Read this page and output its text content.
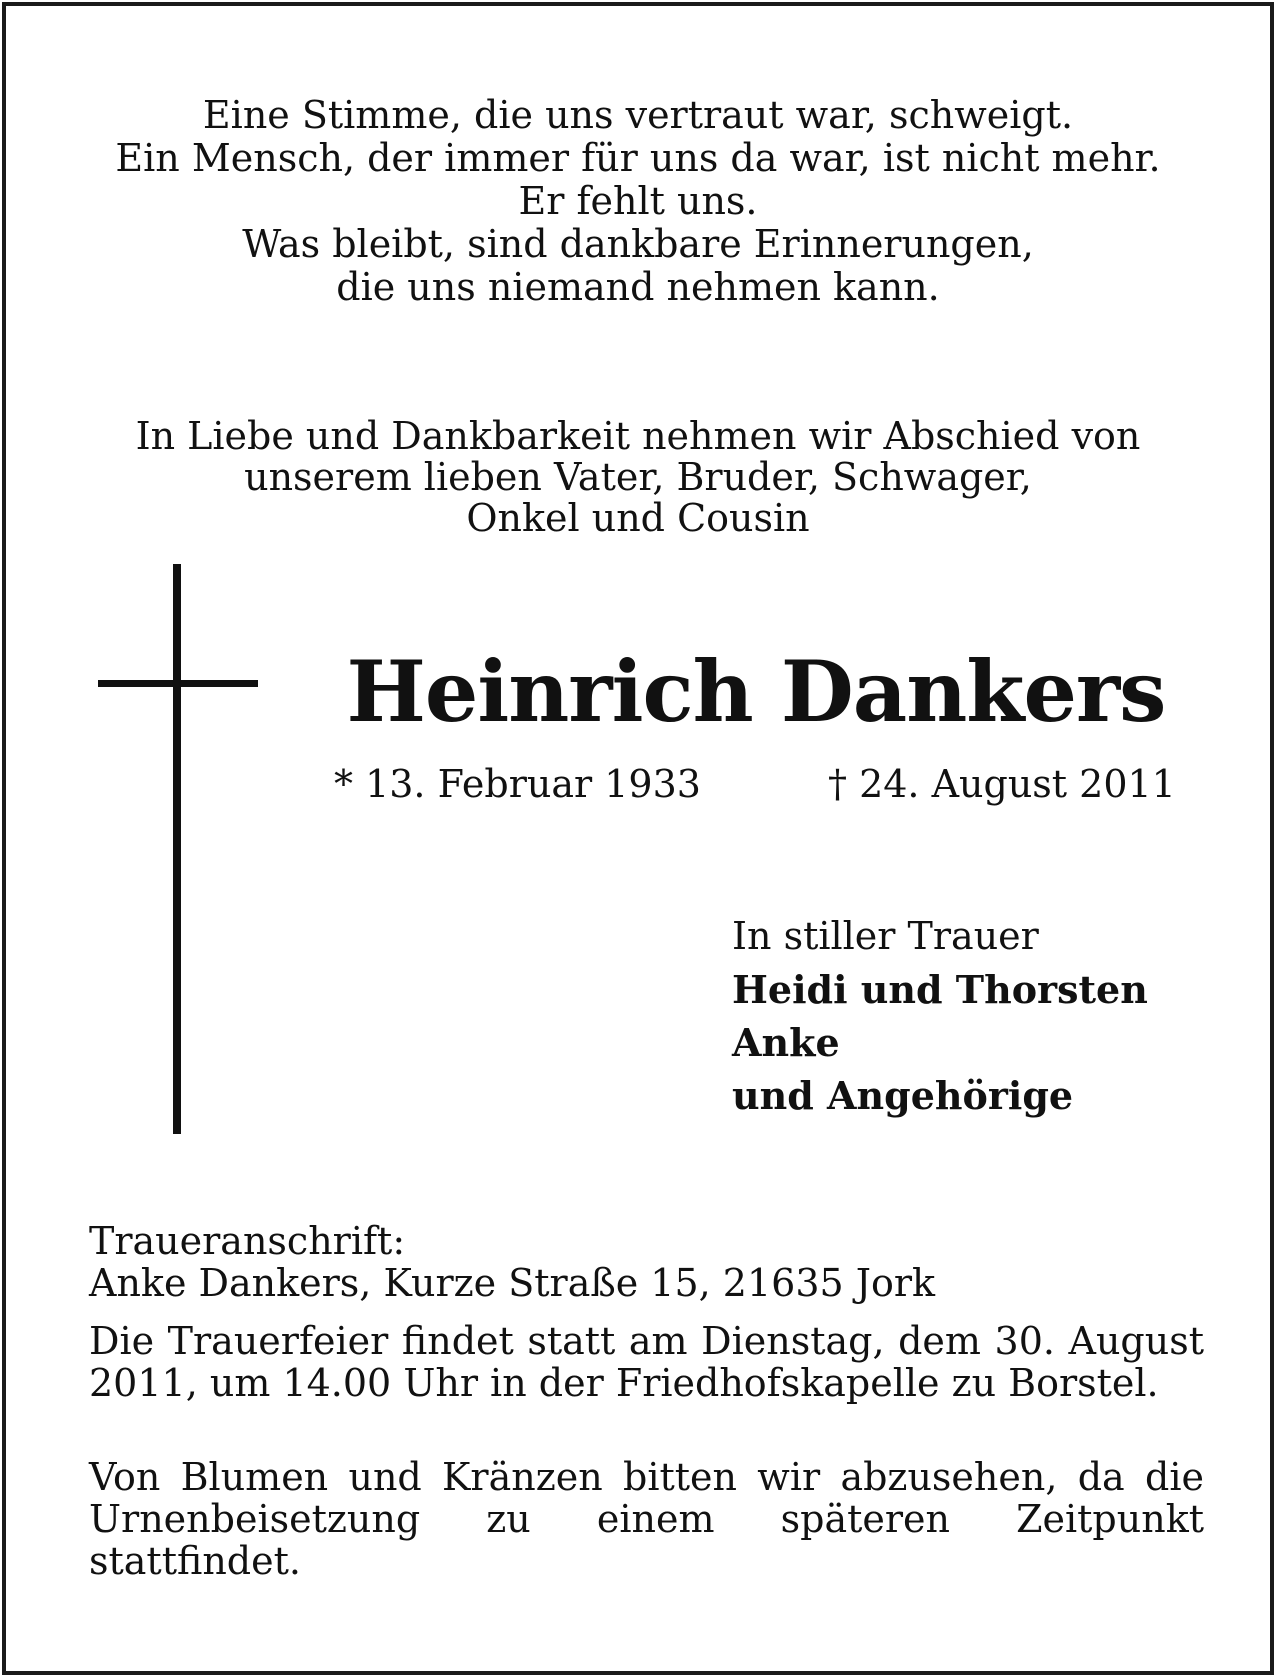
Eine Stimme, die uns vertraut war, schweigt.
Ein Mensch, der immer für uns da war, ist nicht mehr.
Er fehlt uns.
Was bleibt, sind dankbare Erinnerungen,
die uns niemand nehmen kann.
In Liebe und Dankbarkeit nehmen wir Abschied von
unserem lieben Vater, Bruder, Schwager,
Onkel und Cousin
Heinrich Dankers
* 13. Februar 1933	† 24. August 2011
In stiller Trauer
Heidi und Thorsten
Anke
und Angehörige
Traueranschrift:
Anke Dankers, Kurze Straße 15, 21635 Jork
Die Trauerfeier findet statt am Dienstag, dem 30. August 2011, um 14.00 Uhr in der Friedhofskapelle zu Borstel.
Von Blumen und Kränzen bitten wir abzusehen, da die Urnenbeisetzung zu einem späteren Zeitpunkt stattfindet.
